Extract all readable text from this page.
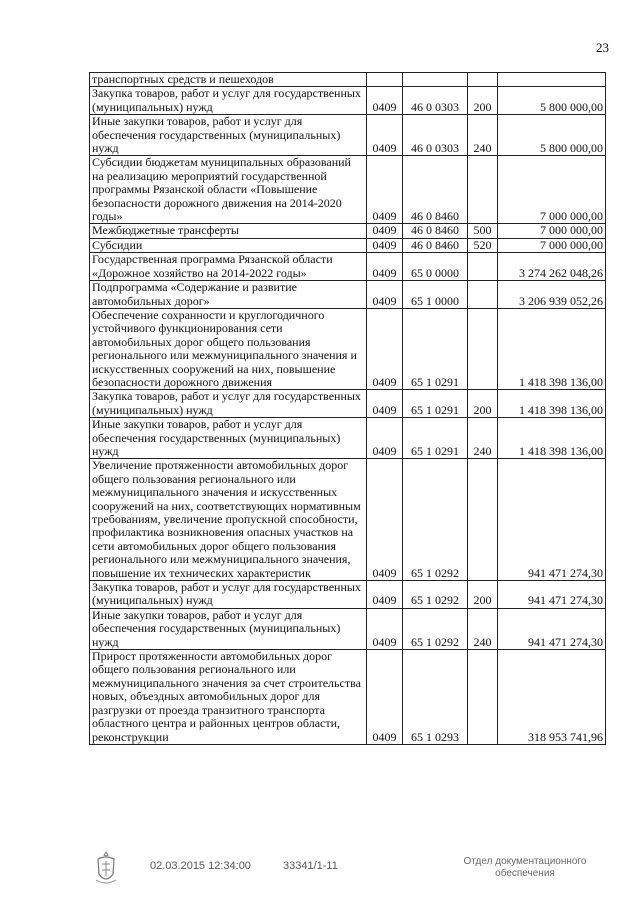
23
транспортных средств и пешеходов				
Закупка товаров, работ и услуг для государственных (муниципальных) нужд	0409	46 0 0303	200	5 800 000,00
Иные закупки товаров, работ и услуг для обеспечения государственных (муниципальных) нужд	0409	46 0 0303	240	5 800 000,00
Субсидии бюджетам муниципальных образований на реализацию мероприятий государственной программы Рязанской области «Повышение безопасности дорожного движения на 2014-2020 годы»	0409	46 0 8460		7 000 000,00
Межбюджетные трансферты	0409	46 0 8460	500	7 000 000,00
Субсидии	0409	46 0 8460	520	7 000 000,00
Государственная программа Рязанской области «Дорожное хозяйство на 2014-2022 годы»	0409	65 0 0000		3 274 262 048,26
Подпрограмма «Содержание и развитие автомобильных дорог»	0409	65 1 0000		3 206 939 052,26
Обеспечение сохранности и круглогодичного устойчивого функционирования сети автомобильных дорог общего пользования регионального или межмуниципального значения и искусственных сооружений на них, повышение безопасности дорожного движения	0409	65 1 0291		1 418 398 136,00
Закупка товаров, работ и услуг для государственных (муниципальных) нужд	0409	65 1 0291	200	1 418 398 136,00
Иные закупки товаров, работ и услуг для обеспечения государственных (муниципальных) нужд	0409	65 1 0291	240	1 418 398 136,00
Увеличение протяженности автомобильных дорог общего пользования регионального или межмуниципального значения и искусственных сооружений на них, соответствующих нормативным требованиям, увеличение пропускной способности, профилактика возникновения опасных участков на сети автомобильных дорог общего пользования регионального или межмуниципального значения, повышение их технических характеристик	0409	65 1 0292		941 471 274,30
Закупка товаров, работ и услуг для государственных (муниципальных) нужд	0409	65 1 0292	200	941 471 274,30
Иные закупки товаров, работ и услуг для обеспечения государственных (муниципальных) нужд	0409	65 1 0292	240	941 471 274,30
Прирост протяженности автомобильных дорог общего пользования регионального или межмуниципального значения за счет строительства новых, объездных автомобильных дорог для разгрузки от проезда транзитного транспорта областного центра и районных центров области, реконструкции	0409	65 1 0293		318 953 741,96
02.03.2015 12:34:00	33341/1-11	Отдел документационного
обеспечения
